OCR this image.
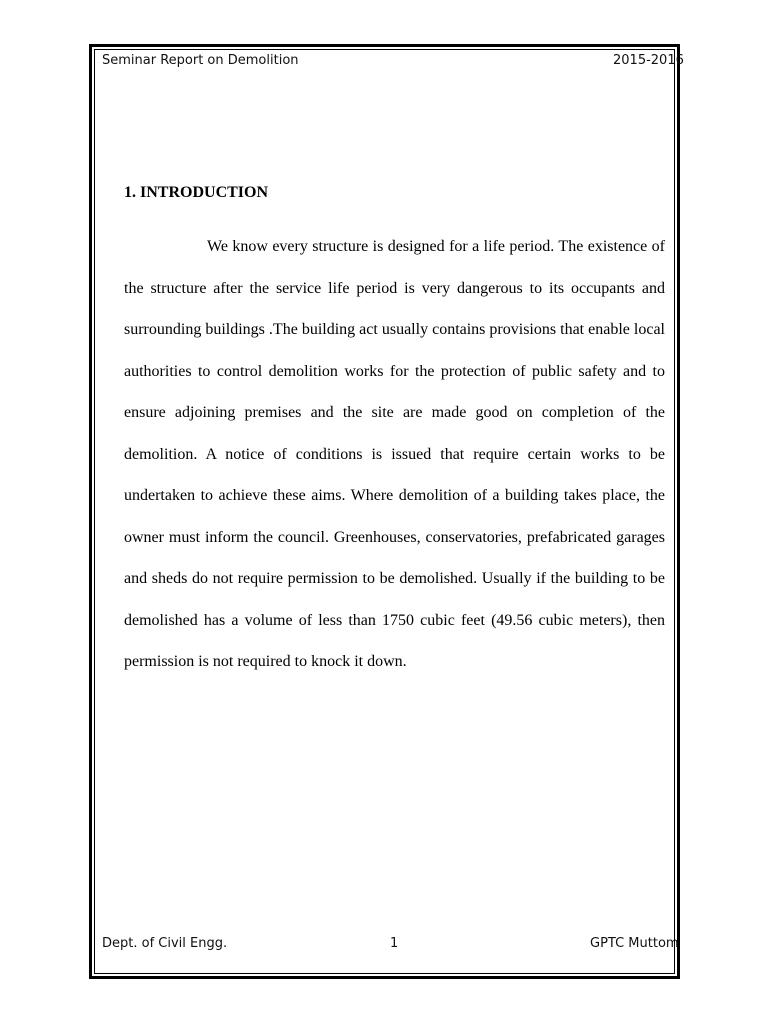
Seminar Report on Demolition	2015-2016
1. INTRODUCTION

We know every structure is designed for a life period. The existence of the structure after the service life period is very dangerous to its occupants and surrounding buildings .The building act usually contains provisions that enable local authorities to control demolition works for the protection of public safety and to ensure adjoining premises and the site are made good on completion of the demolition. A notice of conditions is issued that require certain works to be undertaken to achieve these aims. Where demolition of a building takes place, the owner must inform the council. Greenhouses, conservatories, prefabricated garages and sheds do not require permission to be demolished. Usually if the building to be demolished has a volume of less than 1750 cubic feet (49.56 cubic meters), then permission is not required to knock it down.

Dept. of Civil Engg.	1	GPTC Muttom
